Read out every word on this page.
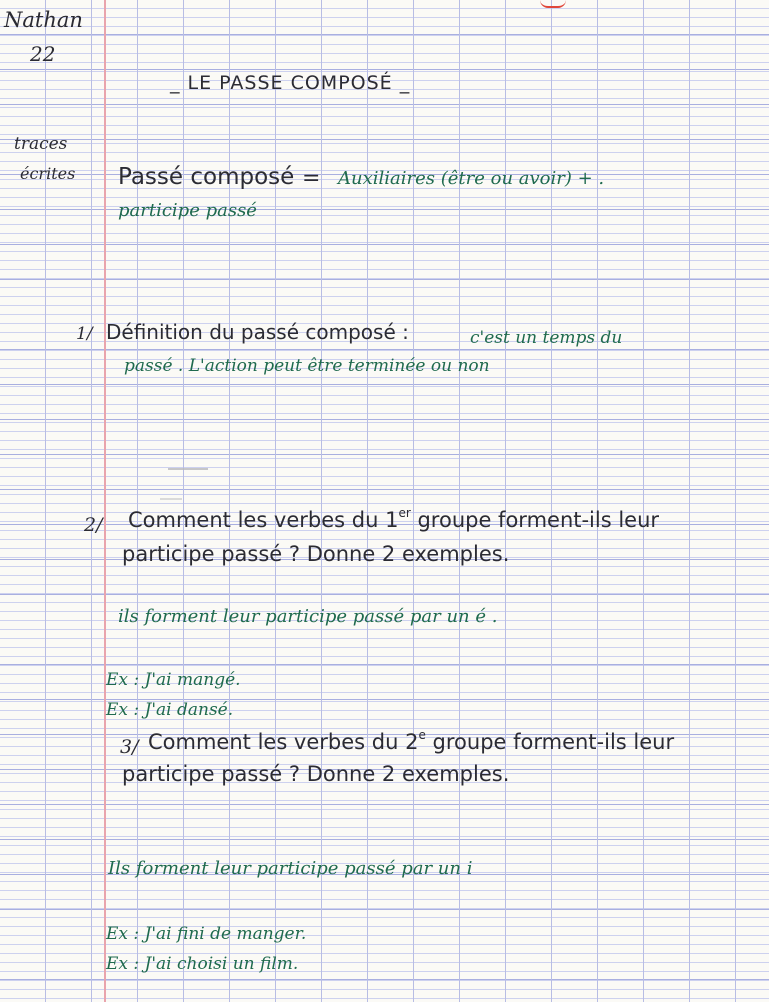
Nathan
22
_ LE PASSE COMPOSÉ _
traces
écrites Passé composé = Auxiliaires (être ou avoir) + .
participe passé
1/ Définition du passé composé :	c'est un temps du
passé . L'action peut être terminée ou non
2/ Comment les verbes du 1er groupe forment-ils leur
participe passé ? Donne 2 exemples.
ils forment leur participe passé par un é .
Ex : J'ai mangé.
Ex : J'ai dansé.
3/ Comment les verbes du 2e groupe forment-ils leur
participe passé ? Donne 2 exemples.
Ils forment leur participe passé par un i
Ex : J'ai fini de manger.
Ex : J'ai choisi un film.
